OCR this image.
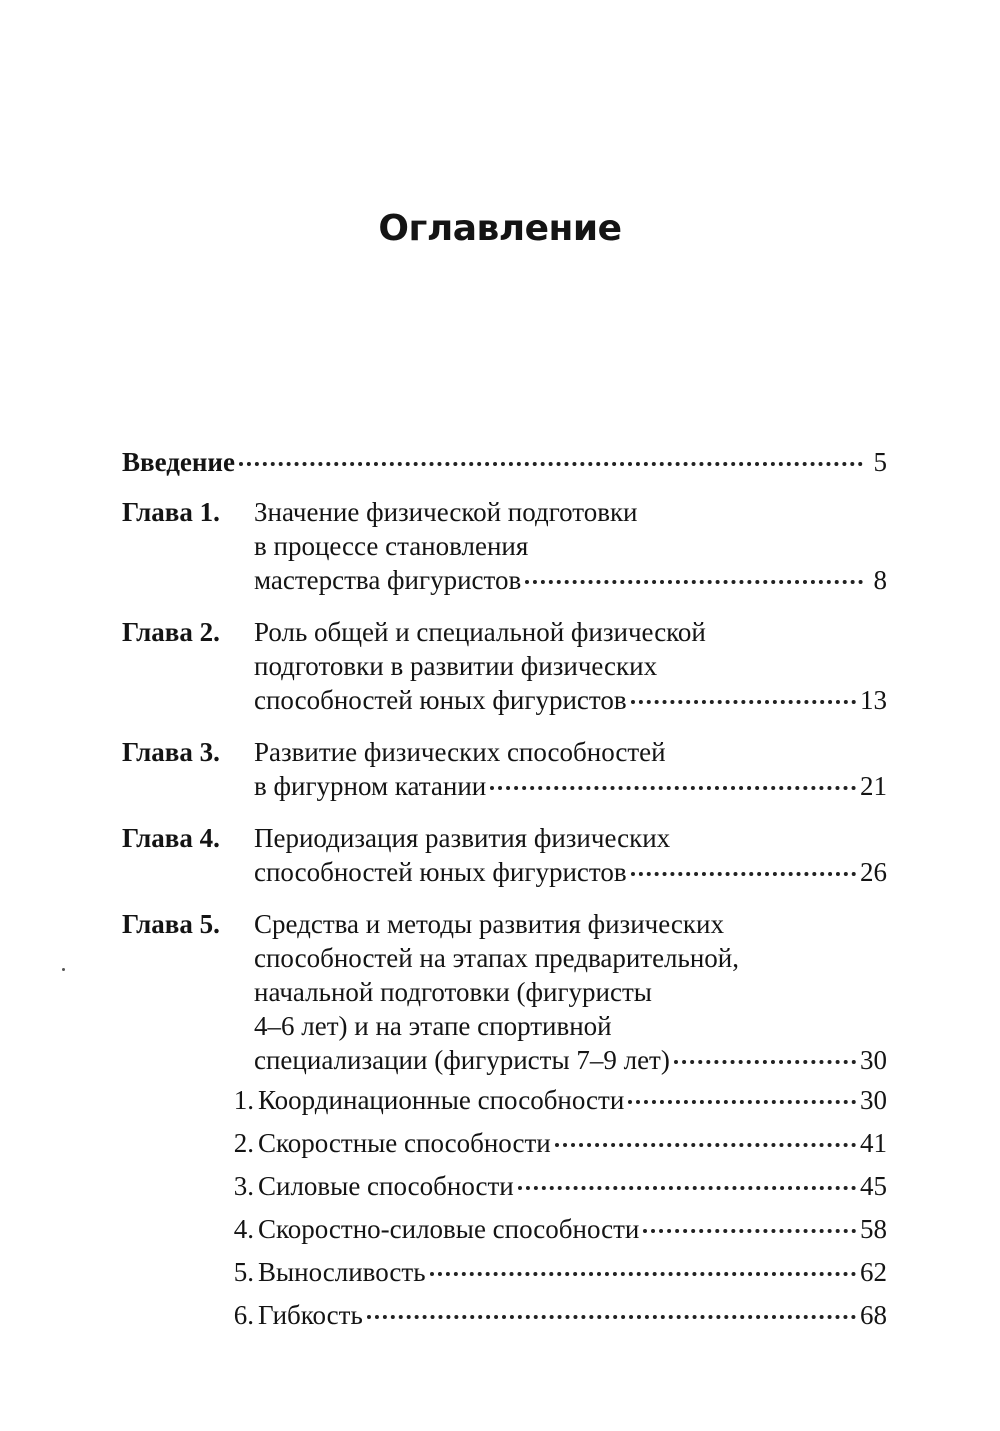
Оглавление
Введение	5
Глава 1.	Значение физической подготовки
в процессе становления
мастерства фигуристов	8
Глава 2.	Роль общей и специальной физической
подготовки в развитии физических
способностей юных фигуристов	13
Глава 3.	Развитие физических способностей
в фигурном катании	21
Глава 4.	Периодизация развития физических
способностей юных фигуристов	26
Глава 5.	Средства и методы развития физических
способностей на этапах предварительной,
начальной подготовки (фигуристы
4–6 лет) и на этапе спортивной
специализации (фигуристы 7–9 лет)	30
1. Координационные способности	30
2. Скоростные способности	41
3. Силовые способности	45
4. Скоростно-силовые способности	58
5. Выносливость	62
6. Гибкость	68
